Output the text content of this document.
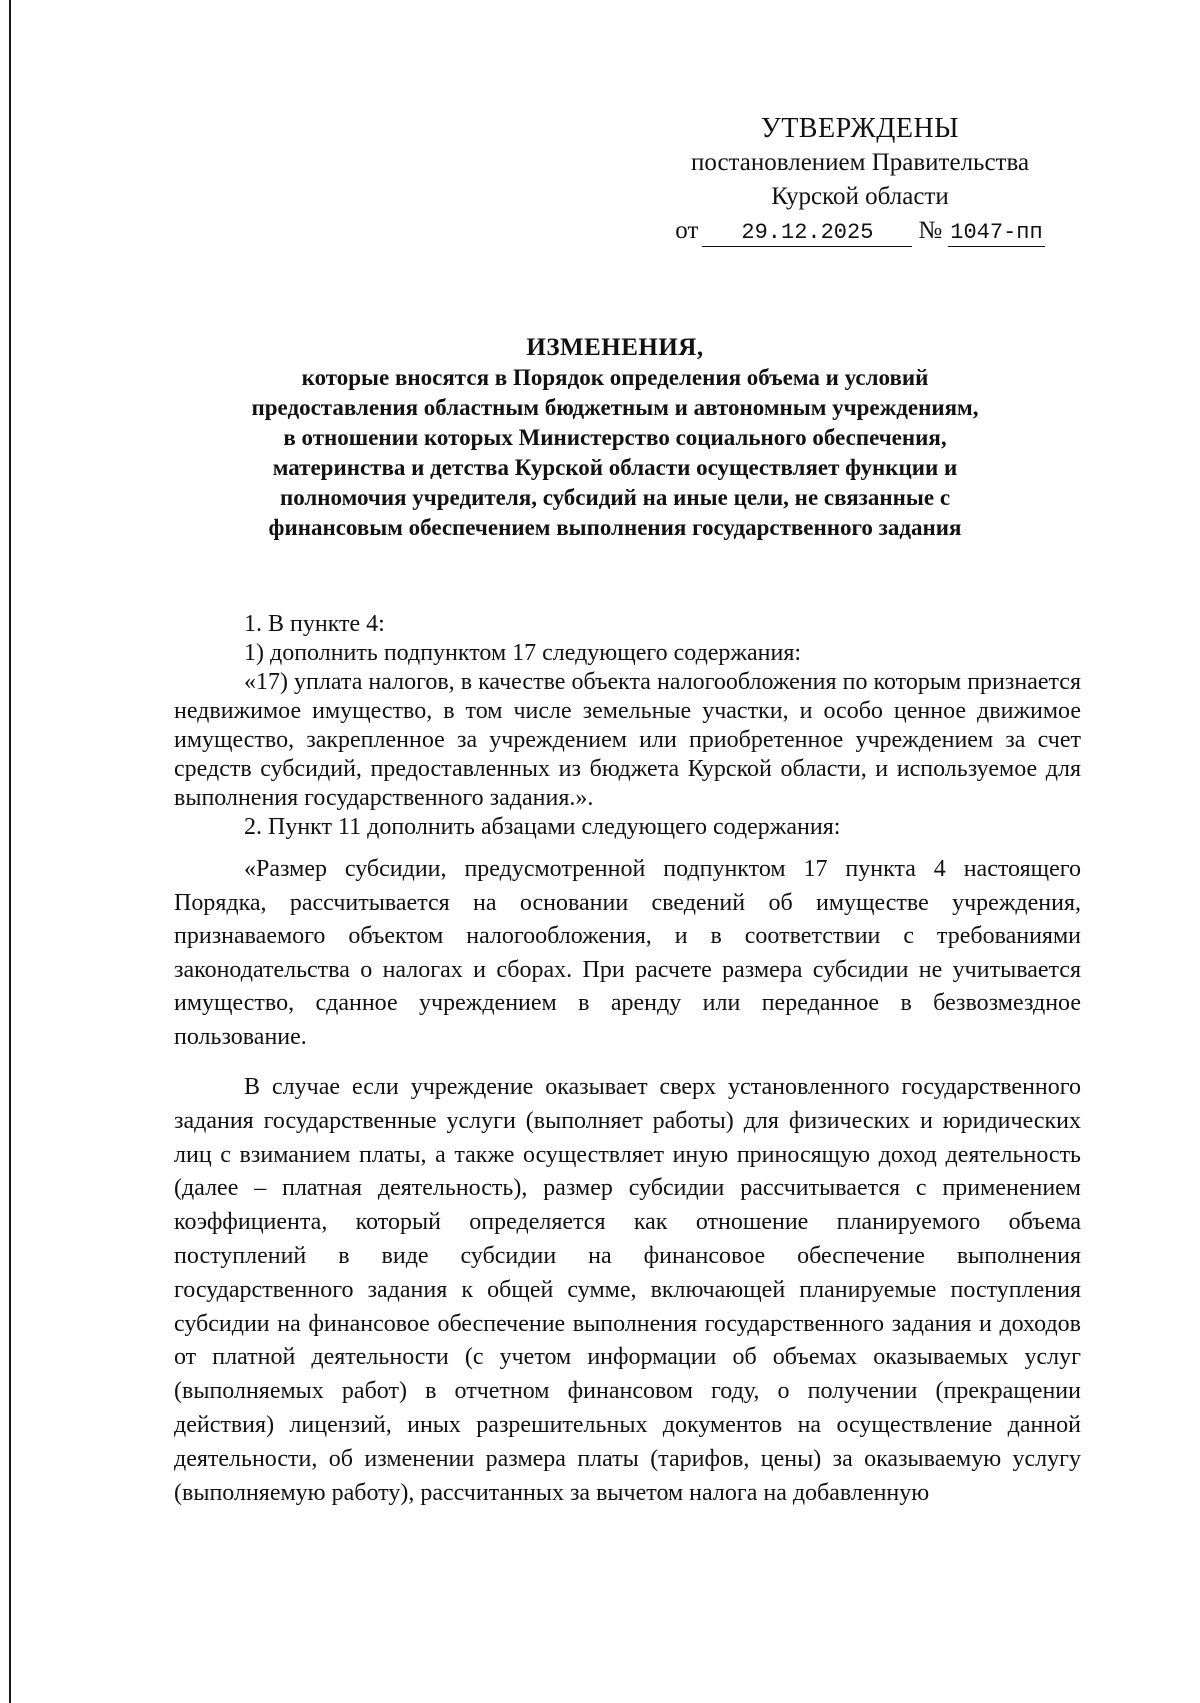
УТВЕРЖДЕНЫ
постановлением Правительства
Курской области
от	29.12.2025	№ 1047-пп
ИЗМЕНЕНИЯ,
которые вносятся в Порядок определения объема и условий
предоставления областным бюджетным и автономным учреждениям,
в отношении которых Министерство социального обеспечения,
материнства и детства Курской области осуществляет функции и
полномочия учредителя, субсидий на иные цели, не связанные с
финансовым обеспечением выполнения государственного задания

1. В пункте 4:

1) дополнить подпунктом 17 следующего содержания:

«17) уплата налогов, в качестве объекта налогообложения по которым признается недвижимое имущество, в том числе земельные участки, и особо ценное движимое имущество, закрепленное за учреждением или приобретенное учреждением за счет средств субсидий, предоставленных из бюджета Курской области, и используемое для выполнения государственного задания.».

2. Пункт 11 дополнить абзацами следующего содержания:

«Размер субсидии, предусмотренной подпунктом 17 пункта 4 настоящего Порядка, рассчитывается на основании сведений об имуществе учреждения, признаваемого объектом налогообложения, и в соответствии с требованиями законодательства о налогах и сборах. При расчете размера субсидии не учитывается имущество, сданное учреждением в аренду или переданное в безвозмездное пользование.

В случае если учреждение оказывает сверх установленного государственного задания государственные услуги (выполняет работы) для физических и юридических лиц с взиманием платы, а также осуществляет иную приносящую доход деятельность (далее – платная деятельность), размер субсидии рассчитывается с применением коэффициента, который определяется как отношение планируемого объема поступлений в виде субсидии на финансовое обеспечение выполнения государственного задания к общей сумме, включающей планируемые поступления субсидии на финансовое обеспечение выполнения государственного задания и доходов от платной деятельности (с учетом информации об объемах оказываемых услуг (выполняемых работ) в отчетном финансовом году, о получении (прекращении действия) лицензий, иных разрешительных документов на осуществление данной деятельности, об изменении размера платы (тарифов, цены) за оказываемую услугу (выполняемую работу), рассчитанных за вычетом налога на добавленную
